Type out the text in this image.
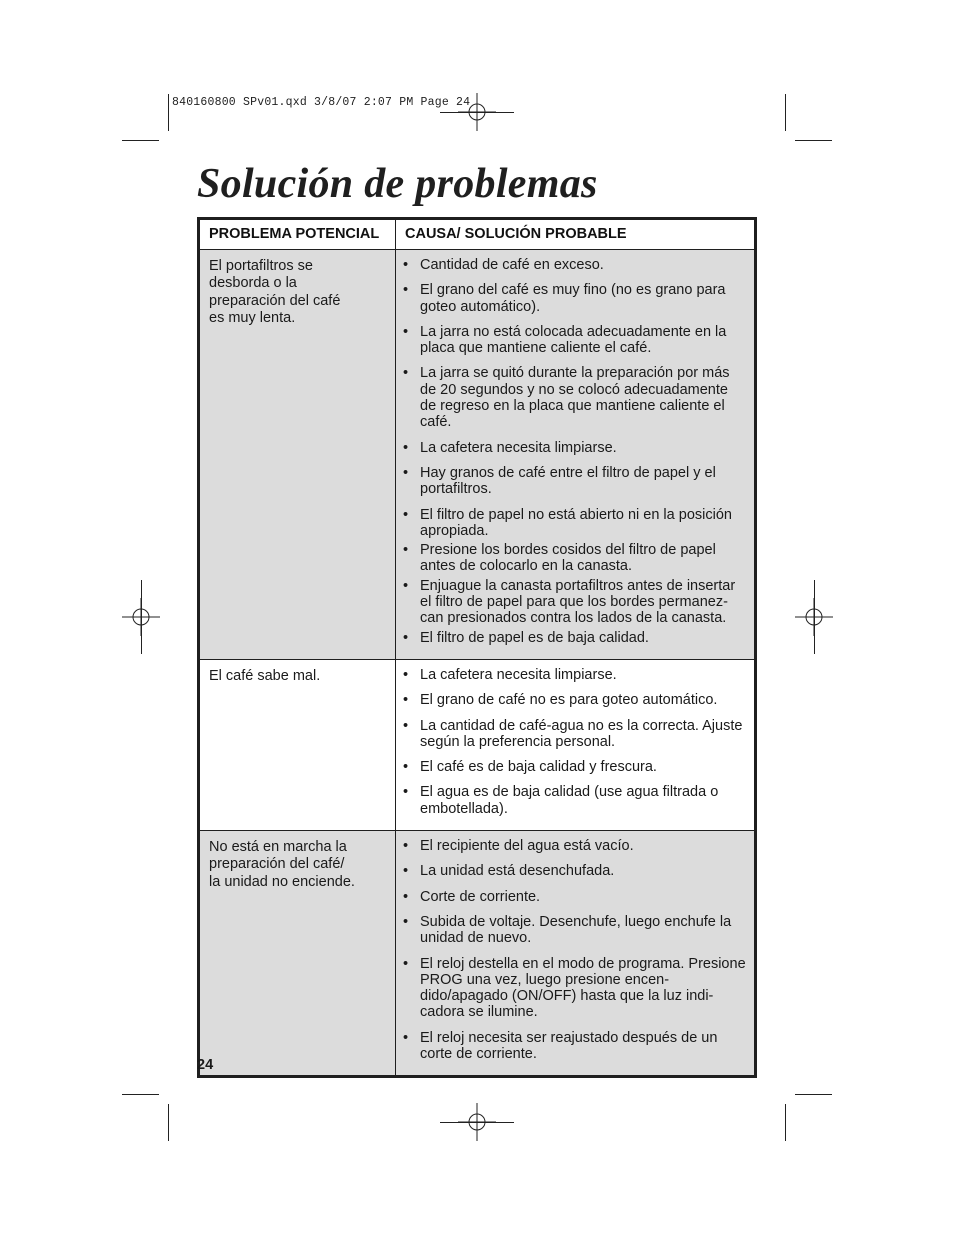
840160800 SPv01.qxd 3/8/07 2:07 PM Page 24
Solución de problemas
PROBLEMA POTENCIAL	CAUSA/ SOLUCIÓN PROBABLE
El portafiltros se
desborda o la
preparación del café
es muy lenta.
• Cantidad de café en exceso.
• El grano del café es muy fino (no es grano para goteo automático).
• La jarra no está colocada adecuadamente en la placa que mantiene caliente el café.
• La jarra se quitó durante la preparación por más de 20 segundos y no se colocó adecuadamente de regreso en la placa que mantiene caliente el café.
• La cafetera necesita limpiarse.
• Hay granos de café entre el filtro de papel y el portafiltros.
• El filtro de papel no está abierto ni en la posición apropiada.
• Presione los bordes cosidos del filtro de papel antes de colocarlo en la canasta.
• Enjuague la canasta portafiltros antes de insertar el filtro de papel para que los bordes permanez-can presionados contra los lados de la canasta.
• El filtro de papel es de baja calidad.
El café sabe mal.
•	La cafetera necesita limpiarse.
• El grano de café no es para goteo automático.
• La cantidad de café-agua no es la correcta. Ajuste según la preferencia personal.
• El café es de baja calidad y frescura.
• El agua es de baja calidad (use agua filtrada o embotellada).
No está en marcha la
preparación del café/
la unidad no enciende.
• El recipiente del agua está vacío.
• La unidad está desenchufada.
• Corte de corriente.
• Subida de voltaje. Desenchufe, luego enchufe la unidad de nuevo.
• El reloj destella en el modo de programa. Presione PROG una vez, luego presione encen-dido/apagado (ON/OFF) hasta que la luz indi-cadora se ilumine.
• El reloj necesita ser reajustado después de un corte de corriente.
24
